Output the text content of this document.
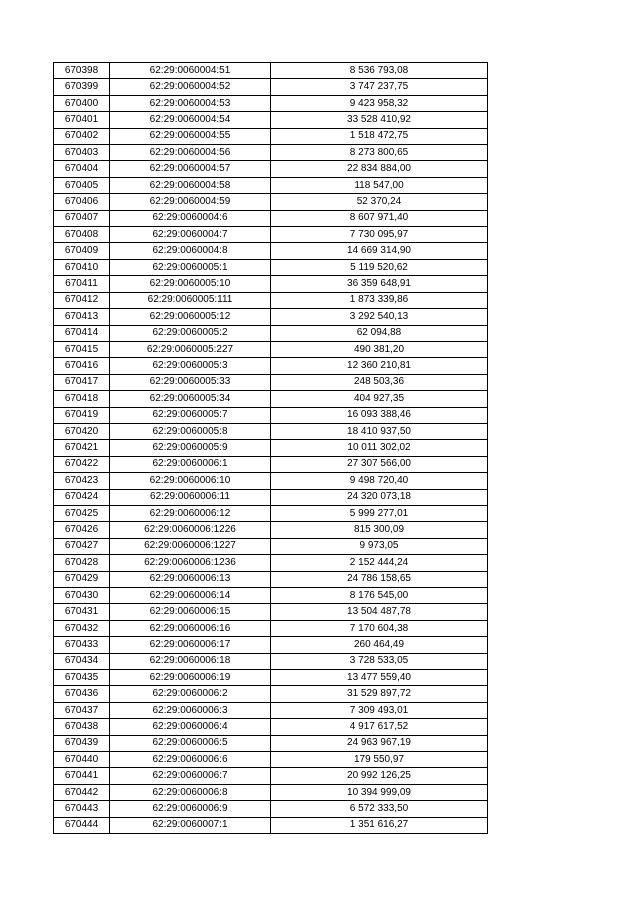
670398	62:29:0060004:51	8 536 793,08
670399	62:29:0060004:52	3 747 237,75
670400	62:29:0060004:53	9 423 958,32
670401	62:29:0060004:54	33 528 410,92
670402	62:29:0060004:55	1 518 472,75
670403	62:29:0060004:56	8 273 800,65
670404	62:29:0060004:57	22 834 884,00
670405	62:29:0060004:58	118 547,00
670406	62:29:0060004:59	52 370,24
670407	62:29:0060004:6	8 607 971,40
670408	62:29:0060004:7	7 730 095,97
670409	62:29:0060004:8	14 669 314,90
670410	62:29:0060005:1	5 119 520,62
670411	62:29:0060005:10	36 359 648,91
670412	62:29:0060005:111	1 873 339,86
670413	62:29:0060005:12	3 292 540,13
670414	62:29:0060005:2	62 094,88
670415	62:29:0060005:227	490 381,20
670416	62:29:0060005:3	12 360 210,81
670417	62:29:0060005:33	248 503,36
670418	62:29:0060005:34	404 927,35
670419	62:29:0060005:7	16 093 388,46
670420	62:29:0060005:8	18 410 937,50
670421	62:29:0060005:9	10 011 302,02
670422	62:29:0060006:1	27 307 566,00
670423	62:29:0060006:10	9 498 720,40
670424	62:29:0060006:11	24 320 073,18
670425	62:29:0060006:12	5 999 277,01
670426	62:29:0060006:1226	815 300,09
670427	62:29:0060006:1227	9 973,05
670428	62:29:0060006:1236	2 152 444,24
670429	62:29:0060006:13	24 786 158,65
670430	62:29:0060006:14	8 176 545,00
670431	62:29:0060006:15	13 504 487,78
670432	62:29:0060006:16	7 170 604,38
670433	62:29:0060006:17	260 464,49
670434	62:29:0060006:18	3 728 533,05
670435	62:29:0060006:19	13 477 559,40
670436	62:29:0060006:2	31 529 897,72
670437	62:29:0060006:3	7 309 493,01
670438	62:29:0060006:4	4 917 617,52
670439	62:29:0060006:5	24 963 967,19
670440	62:29:0060006:6	179 550,97
670441	62:29:0060006:7	20 992 126,25
670442	62:29:0060006:8	10 394 999,09
670443	62:29:0060006:9	6 572 333,50
670444	62:29:0060007:1	1 351 616,27
